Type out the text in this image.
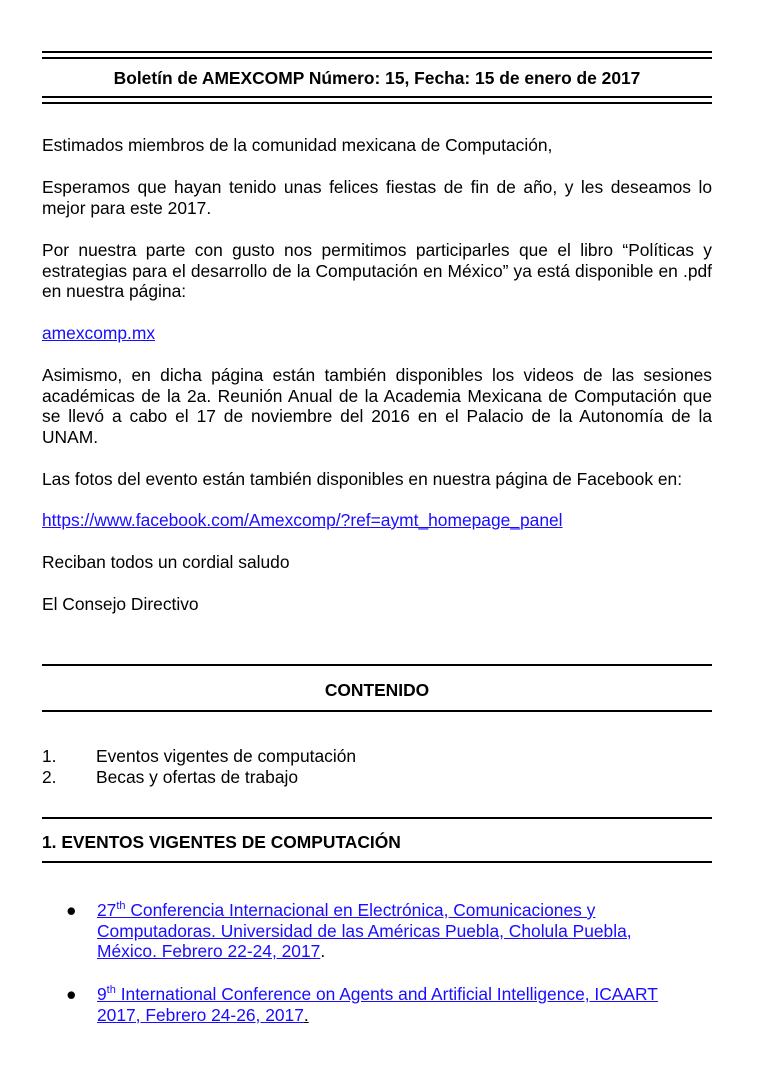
Boletín de AMEXCOMP Número: 15, Fecha: 15 de enero de 2017
Estimados miembros de la comunidad mexicana de Computación,
Esperamos que hayan tenido unas felices fiestas de fin de año, y les deseamos lo mejor para este 2017.
Por nuestra parte con gusto nos permitimos participarles que el libro “Políticas y estrategias para el desarrollo de la Computación en México” ya está disponible en .pdf en nuestra página:
amexcomp.mx
Asimismo, en dicha página están también disponibles los videos de las sesiones académicas de la 2a. Reunión Anual de la Academia Mexicana de Computación que se llevó a cabo el 17 de noviembre del 2016 en el Palacio de la Autonomía de la UNAM.
Las fotos del evento están también disponibles en nuestra página de Facebook en:
https://www.facebook.com/Amexcomp/?ref=aymt_homepage_panel
Reciban todos un cordial saludo
El Consejo Directivo
CONTENIDO
1. Eventos vigentes de computación
2. Becas y ofertas de trabajo
1. EVENTOS VIGENTES DE COMPUTACIÓN
● 27th Conferencia Internacional en Electrónica, Comunicaciones y Computadoras. Universidad de las Américas Puebla, Cholula Puebla, México. Febrero 22-24, 2017.
● 9th International Conference on Agents and Artificial Intelligence, ICAART 2017, Febrero 24-26, 2017.
